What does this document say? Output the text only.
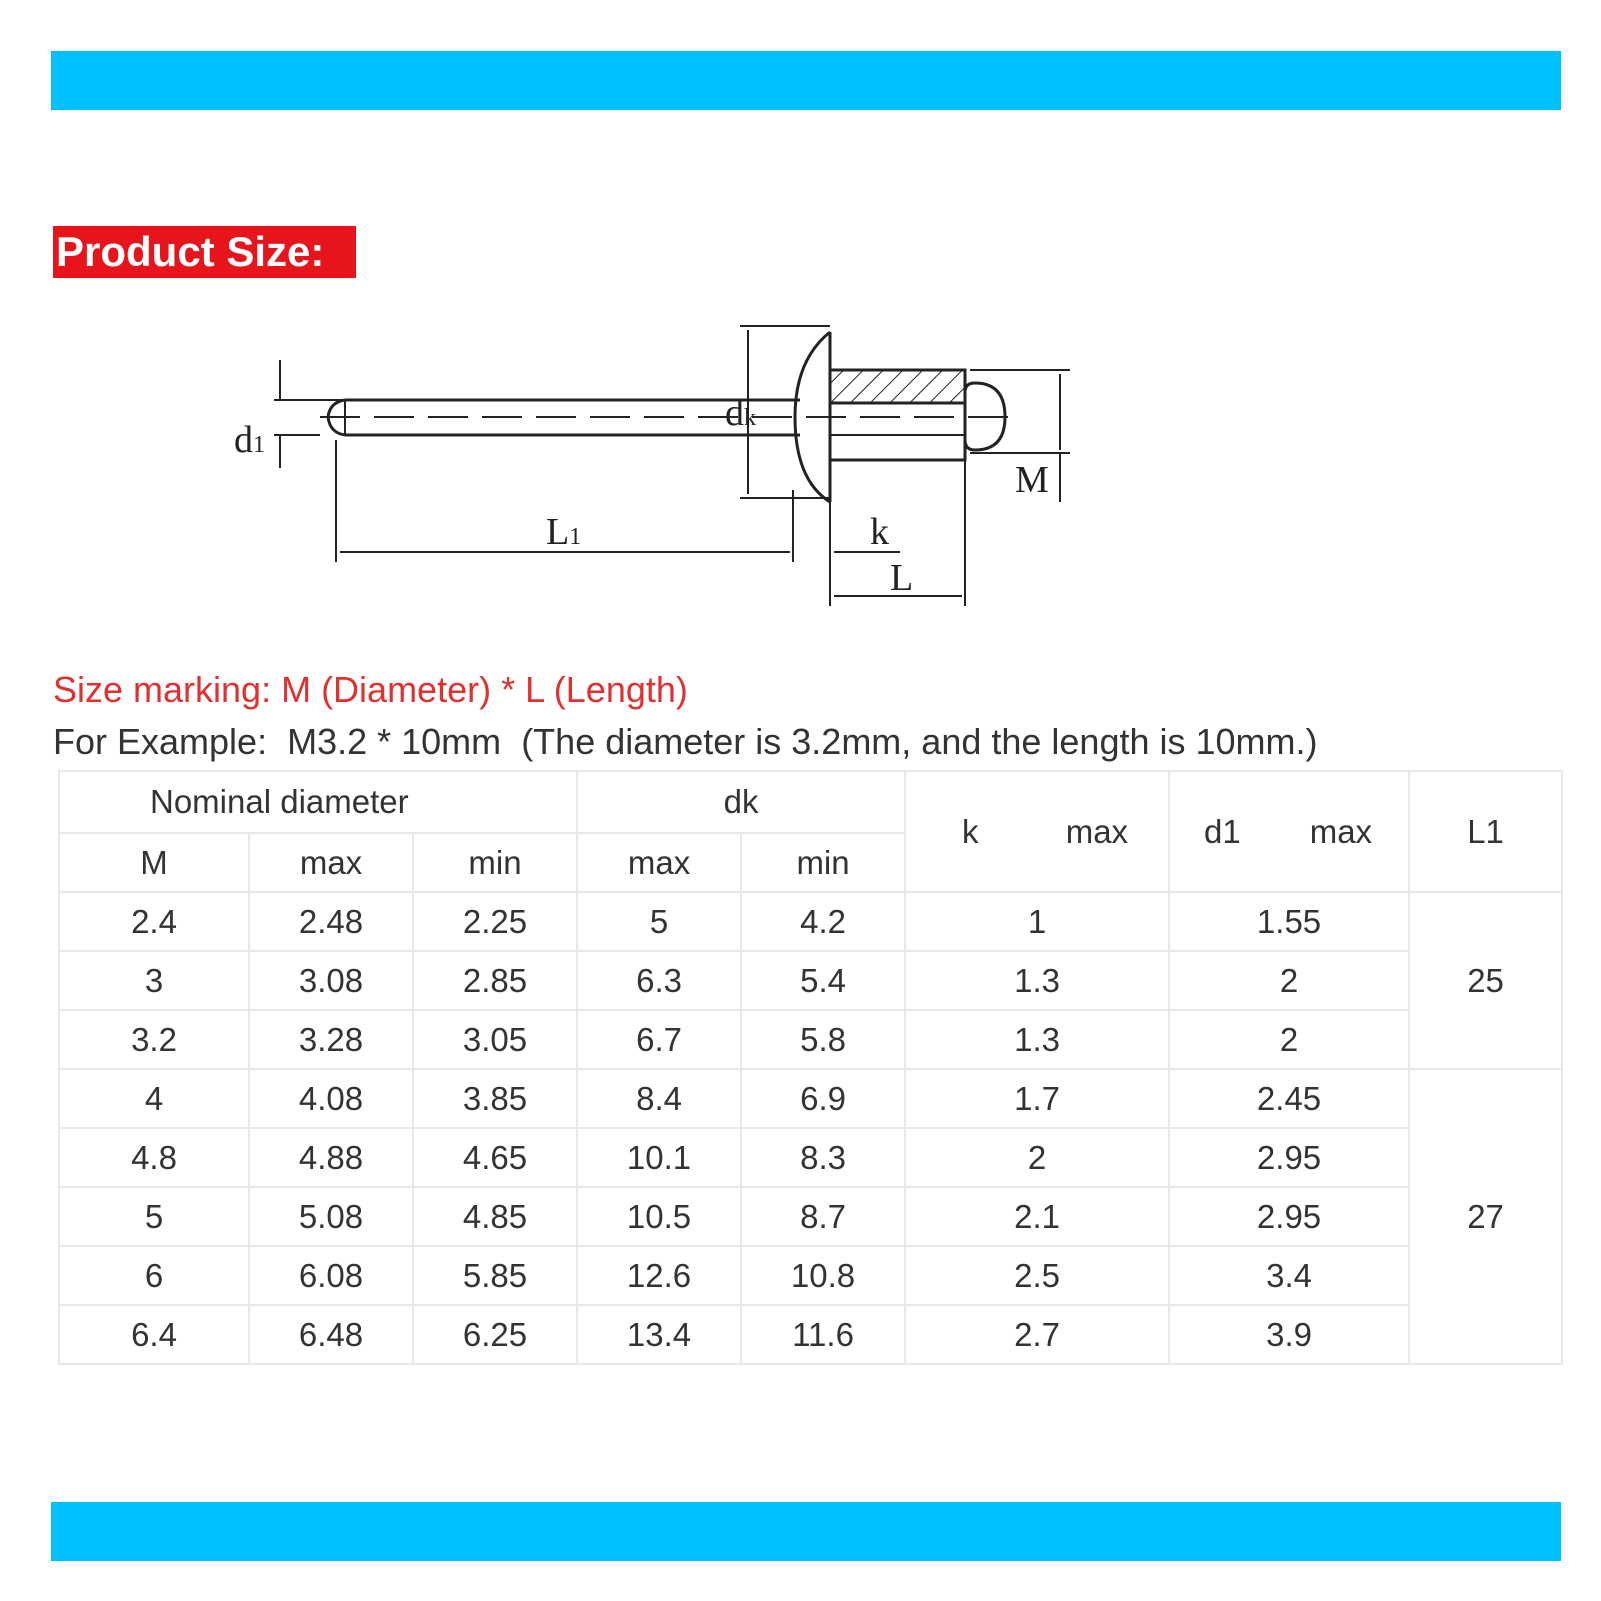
Product Size:
d1
dk
M
L1	k
L
Size marking: M (Diameter) * L (Length)
For Example: M3.2 * 10mm (The diameter is 3.2mm, and the length is 10mm.)
Nominal diameter			dk		k max	d1 max	L1
M	max	min	max	min			
2.4	2.48	2.25	5	4.2	1	1.55	25
3	3.08	2.85	6.3	5.4	1.3	2	
3.2	3.28	3.05	6.7	5.8	1.3	2	
4	4.08	3.85	8.4	6.9	1.7	2.45	27
4.8	4.88	4.65	10.1	8.3	2	2.95	
5	5.08	4.85	10.5	8.7	2.1	2.95	
6	6.08	5.85	12.6	10.8	2.5	3.4	
6.4	6.48	6.25	13.4	11.6	2.7	3.9	
